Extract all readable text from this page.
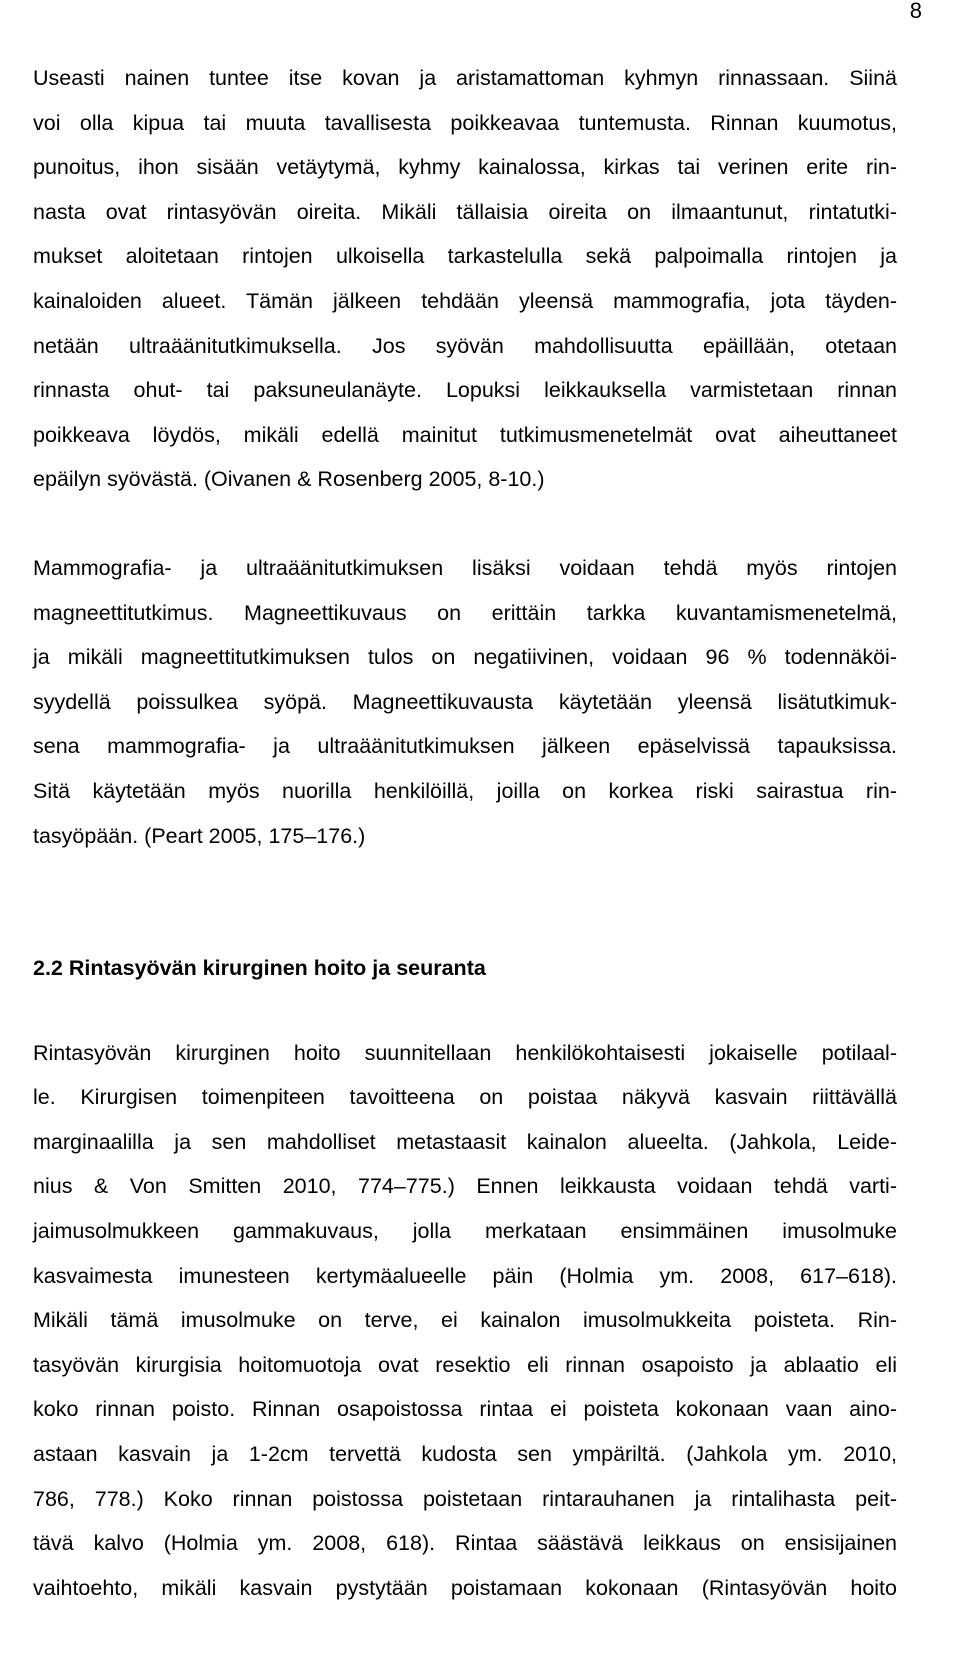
8
Useasti nainen tuntee itse kovan ja aristamattoman kyhmyn rinnassaan. Siinä
voi olla kipua tai muuta tavallisesta poikkeavaa tuntemusta. Rinnan kuumotus,
punoitus, ihon sisään vetäytymä, kyhmy kainalossa, kirkas tai verinen erite rin-
nasta ovat rintasyövän oireita. Mikäli tällaisia oireita on ilmaantunut, rintatutki-
mukset aloitetaan rintojen ulkoisella tarkastelulla sekä palpoimalla rintojen ja
kainaloiden alueet. Tämän jälkeen tehdään yleensä mammografia, jota täyden-
netään ultraäänitutkimuksella. Jos syövän mahdollisuutta epäillään, otetaan
rinnasta ohut- tai paksuneulanäyte. Lopuksi leikkauksella varmistetaan rinnan
poikkeava löydös, mikäli edellä mainitut tutkimusmenetelmät ovat aiheuttaneet
epäilyn syövästä. (Oivanen & Rosenberg 2005, 8-10.)
Mammografia- ja ultraäänitutkimuksen lisäksi voidaan tehdä myös rintojen
magneettitutkimus. Magneettikuvaus on erittäin tarkka kuvantamismenetelmä,
ja mikäli magneettitutkimuksen tulos on negatiivinen, voidaan 96 % todennäköi-
syydellä poissulkea syöpä. Magneettikuvausta käytetään yleensä lisätutkimuk-
sena mammografia- ja ultraäänitutkimuksen jälkeen epäselvissä tapauksissa.
Sitä käytetään myös nuorilla henkilöillä, joilla on korkea riski sairastua rin-
tasyöpään. (Peart 2005, 175–176.)
2.2 Rintasyövän kirurginen hoito ja seuranta
Rintasyövän kirurginen hoito suunnitellaan henkilökohtaisesti jokaiselle potilaal-
le. Kirurgisen toimenpiteen tavoitteena on poistaa näkyvä kasvain riittävällä
marginaalilla ja sen mahdolliset metastaasit kainalon alueelta. (Jahkola, Leide-
nius & Von Smitten 2010, 774–775.) Ennen leikkausta voidaan tehdä varti-
jaimusolmukkeen gammakuvaus, jolla merkataan ensimmäinen imusolmuke
kasvaimesta imunesteen kertymäalueelle päin (Holmia ym. 2008, 617–618).
Mikäli tämä imusolmuke on terve, ei kainalon imusolmukkeita poisteta. Rin-
tasyövän kirurgisia hoitomuotoja ovat resektio eli rinnan osapoisto ja ablaatio eli
koko rinnan poisto. Rinnan osapoistossa rintaa ei poisteta kokonaan vaan aino-
astaan kasvain ja 1-2cm tervettä kudosta sen ympäriltä. (Jahkola ym. 2010,
786, 778.) Koko rinnan poistossa poistetaan rintarauhanen ja rintalihasta peit-
tävä kalvo (Holmia ym. 2008, 618). Rintaa säästävä leikkaus on ensisijainen
vaihtoehto, mikäli kasvain pystytään poistamaan kokonaan (Rintasyövän hoito
